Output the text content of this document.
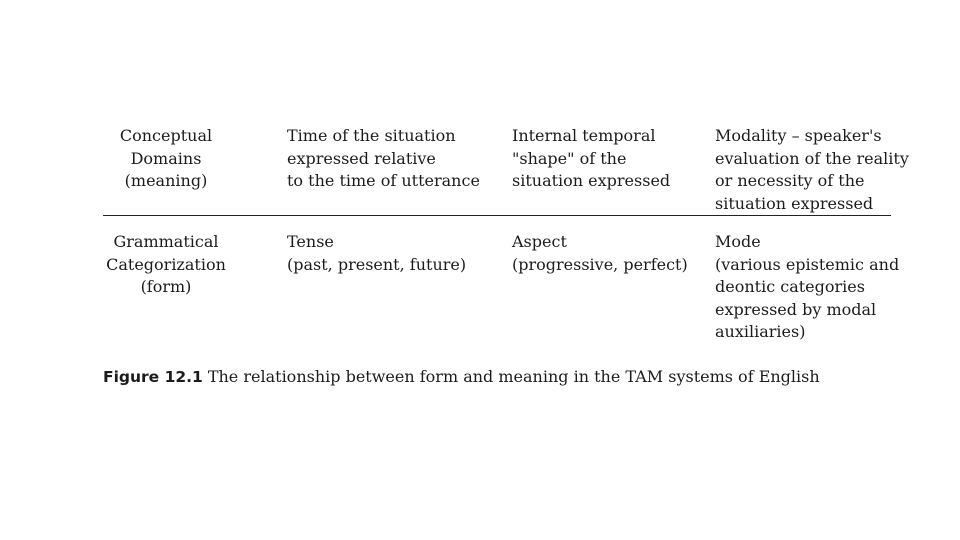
Conceptual
Domains
(meaning)
Time of the situation
expressed relative
to the time of utterance
Internal temporal
"shape" of the
situation expressed
Modality – speaker's
evaluation of the reality
or necessity of the
situation expressed
Grammatical
Categorization
(form)
Tense
(past, present, future)
Aspect
(progressive, perfect)
Mode
(various epistemic and
deontic categories
expressed by modal
auxiliaries)
Figure 12.1 The relationship between form and meaning in the TAM systems of English
